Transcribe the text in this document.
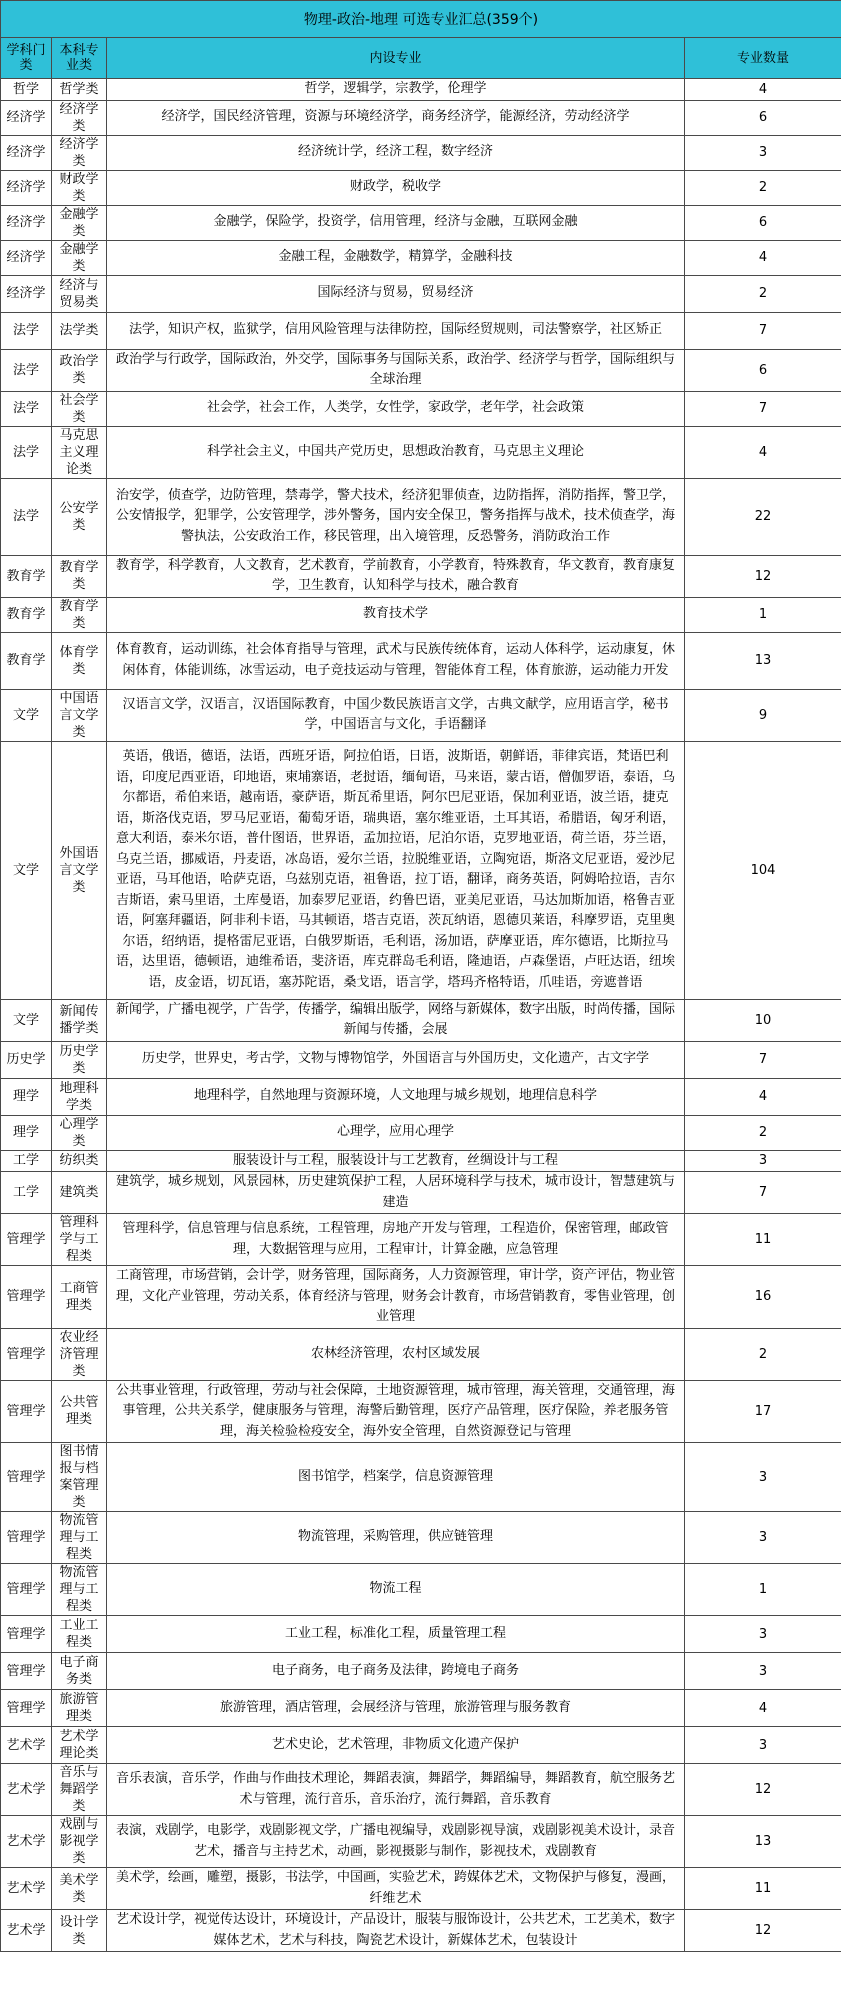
物理-政治-地理 可选专业汇总(359个)			
学科门类	本科专业类	内设专业	专业数量
哲学	哲学类	哲学，逻辑学，宗教学，伦理学	4
经济学	经济学类	经济学，国民经济管理，资源与环境经济学，商务经济学，能源经济，劳动经济学	6
经济学	经济学类	经济统计学，经济工程，数字经济	3
经济学	财政学类	财政学，税收学	2
经济学	金融学类	金融学，保险学，投资学，信用管理，经济与金融，互联网金融	6
经济学	金融学类	金融工程，金融数学，精算学，金融科技	4
经济学	经济与贸易类	国际经济与贸易，贸易经济	2
法学	法学类	法学，知识产权，监狱学，信用风险管理与法律防控，国际经贸规则，司法警察学，社区矫正	7
法学	政治学类	政治学与行政学，国际政治，外交学，国际事务与国际关系，政治学、经济学与哲学，国际组织与全球治理	6
法学	社会学类	社会学，社会工作，人类学，女性学，家政学，老年学，社会政策	7
法学	马克思主义理论类	科学社会主义，中国共产党历史，思想政治教育，马克思主义理论	4
法学	公安学类	治安学，侦查学，边防管理，禁毒学，警犬技术，经济犯罪侦查，边防指挥，消防指挥，警卫学，公安情报学，犯罪学，公安管理学，涉外警务，国内安全保卫，警务指挥与战术，技术侦查学，海警执法，公安政治工作，移民管理，出入境管理，反恐警务，消防政治工作	22
教育学	教育学类	教育学，科学教育，人文教育，艺术教育，学前教育，小学教育，特殊教育，华文教育，教育康复学，卫生教育，认知科学与技术，融合教育	12
教育学	教育学类	教育技术学	1
教育学	体育学类	体育教育，运动训练，社会体育指导与管理，武术与民族传统体育，运动人体科学，运动康复，休闲体育，体能训练，冰雪运动，电子竞技运动与管理，智能体育工程，体育旅游，运动能力开发	13
文学	中国语言文学类	汉语言文学，汉语言，汉语国际教育，中国少数民族语言文学，古典文献学，应用语言学，秘书学，中国语言与文化，手语翻译	9
文学	外国语言文学类	英语，俄语，德语，法语，西班牙语，阿拉伯语，日语，波斯语，朝鲜语，菲律宾语，梵语巴利语，印度尼西亚语，印地语，柬埔寨语，老挝语，缅甸语，马来语，蒙古语，僧伽罗语，泰语，乌尔都语，希伯来语，越南语，豪萨语，斯瓦希里语，阿尔巴尼亚语，保加利亚语，波兰语，捷克语，斯洛伐克语，罗马尼亚语，葡萄牙语，瑞典语，塞尔维亚语，土耳其语，希腊语，匈牙利语，意大利语，泰米尔语，普什图语，世界语，孟加拉语，尼泊尔语，克罗地亚语，荷兰语，芬兰语，乌克兰语，挪威语，丹麦语，冰岛语，爱尔兰语，拉脱维亚语，立陶宛语，斯洛文尼亚语，爱沙尼亚语，马耳他语，哈萨克语，乌兹别克语，祖鲁语，拉丁语，翻译，商务英语，阿姆哈拉语，吉尔吉斯语，索马里语，土库曼语，加泰罗尼亚语，约鲁巴语，亚美尼亚语，马达加斯加语，格鲁吉亚语，阿塞拜疆语，阿非利卡语，马其顿语，塔吉克语，茨瓦纳语，恩德贝莱语，科摩罗语，克里奥尔语，绍纳语，提格雷尼亚语，白俄罗斯语，毛利语，汤加语，萨摩亚语，库尔德语，比斯拉马语，达里语，德顿语，迪维希语，斐济语，库克群岛毛利语，隆迪语，卢森堡语，卢旺达语，纽埃语，皮金语，切瓦语，塞苏陀语，桑戈语，语言学，塔玛齐格特语，爪哇语，旁遮普语	104
文学	新闻传播学类	新闻学，广播电视学，广告学，传播学，编辑出版学，网络与新媒体，数字出版，时尚传播，国际新闻与传播，会展	10
历史学	历史学类	历史学，世界史，考古学，文物与博物馆学，外国语言与外国历史，文化遗产，古文字学	7
理学	地理科学类	地理科学，自然地理与资源环境，人文地理与城乡规划，地理信息科学	4
理学	心理学类	心理学，应用心理学	2
工学	纺织类	服装设计与工程，服装设计与工艺教育，丝绸设计与工程	3
工学	建筑类	建筑学，城乡规划，风景园林，历史建筑保护工程，人居环境科学与技术，城市设计，智慧建筑与建造	7
管理学	管理科学与工程类	管理科学，信息管理与信息系统，工程管理，房地产开发与管理，工程造价，保密管理，邮政管理，大数据管理与应用，工程审计，计算金融，应急管理	11
管理学	工商管理类	工商管理，市场营销，会计学，财务管理，国际商务，人力资源管理，审计学，资产评估，物业管理，文化产业管理，劳动关系，体育经济与管理，财务会计教育，市场营销教育，零售业管理，创业管理	16
管理学	农业经济管理类	农林经济管理，农村区域发展	2
管理学	公共管理类	公共事业管理，行政管理，劳动与社会保障，土地资源管理，城市管理，海关管理，交通管理，海事管理，公共关系学，健康服务与管理，海警后勤管理，医疗产品管理，医疗保险，养老服务管理，海关检验检疫安全，海外安全管理，自然资源登记与管理	17
管理学	图书情报与档案管理类	图书馆学，档案学，信息资源管理	3
管理学	物流管理与工程类	物流管理，采购管理，供应链管理	3
管理学	物流管理与工程类	物流工程	1
管理学	工业工程类	工业工程，标准化工程，质量管理工程	3
管理学	电子商务类	电子商务，电子商务及法律，跨境电子商务	3
管理学	旅游管理类	旅游管理，酒店管理，会展经济与管理，旅游管理与服务教育	4
艺术学	艺术学理论类	艺术史论，艺术管理，非物质文化遗产保护	3
艺术学	音乐与舞蹈学类	音乐表演，音乐学，作曲与作曲技术理论，舞蹈表演，舞蹈学，舞蹈编导，舞蹈教育，航空服务艺术与管理，流行音乐，音乐治疗，流行舞蹈，音乐教育	12
艺术学	戏剧与影视学类	表演，戏剧学，电影学，戏剧影视文学，广播电视编导，戏剧影视导演，戏剧影视美术设计，录音艺术，播音与主持艺术，动画，影视摄影与制作，影视技术，戏剧教育	13
艺术学	美术学类	美术学，绘画，雕塑，摄影，书法学，中国画，实验艺术，跨媒体艺术，文物保护与修复，漫画，纤维艺术	11
艺术学	设计学类	艺术设计学，视觉传达设计，环境设计，产品设计，服装与服饰设计，公共艺术，工艺美术，数字媒体艺术，艺术与科技，陶瓷艺术设计，新媒体艺术，包装设计	12
